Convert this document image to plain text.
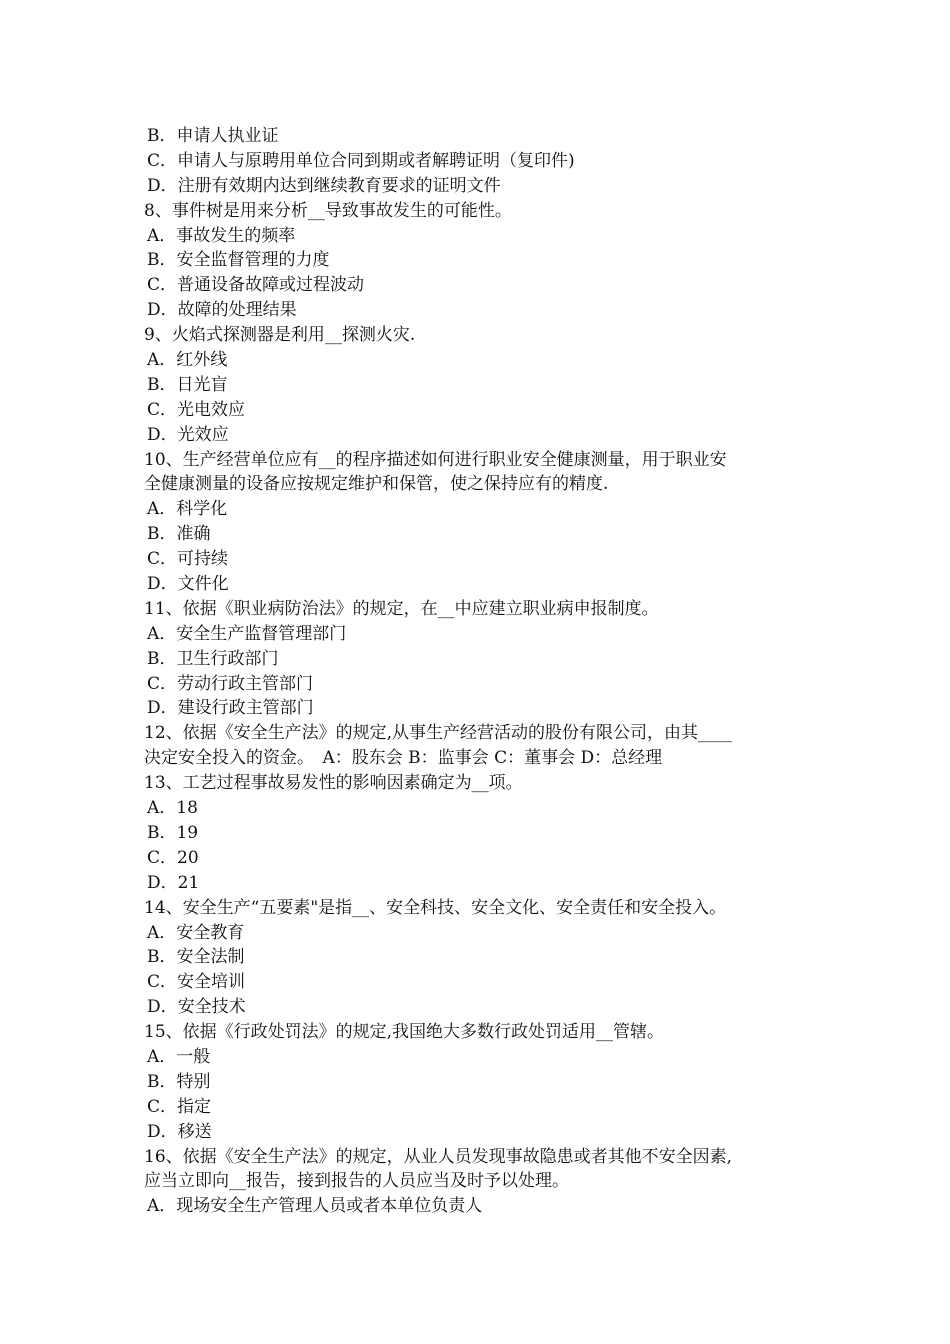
B．申请人执业证
C．申请人与原聘用单位合同到期或者解聘证明（复印件)
D．注册有效期内达到继续教育要求的证明文件
8、事件树是用来分析__导致事故发生的可能性。
A．事故发生的频率
B．安全监督管理的力度
C．普通设备故障或过程波动
D．故障的处理结果
9、火焰式探测器是利用__探测火灾.
A．红外线
B．日光盲
C．光电效应
D．光效应
10、生产经营单位应有__的程序描述如何进行职业安全健康测量，用于职业安
全健康测量的设备应按规定维护和保管，使之保持应有的精度.
A．科学化
B．准确
C．可持续
D．文件化
11、依据《职业病防治法》的规定，在__中应建立职业病申报制度。
A．安全生产监督管理部门
B．卫生行政部门
C．劳动行政主管部门
D．建设行政主管部门
12、依据《安全生产法》的规定,从事生产经营活动的股份有限公司，由其____
决定安全投入的资金。　A：股东会 B：监事会 C：董事会 D：总经理
13、工艺过程事故易发性的影响因素确定为__项。
A．18
B．19
C．20
D．21
14、安全生产“五要素"是指__、安全科技、安全文化、安全责任和安全投入。
A．安全教育
B．安全法制
C．安全培训
D．安全技术
15、依据《行政处罚法》的规定,我国绝大多数行政处罚适用__管辖。
A．一般
B．特别
C．指定
D．移送
16、依据《安全生产法》的规定，从业人员发现事故隐患或者其他不安全因素,
应当立即向__报告，接到报告的人员应当及时予以处理。
A．现场安全生产管理人员或者本单位负责人
